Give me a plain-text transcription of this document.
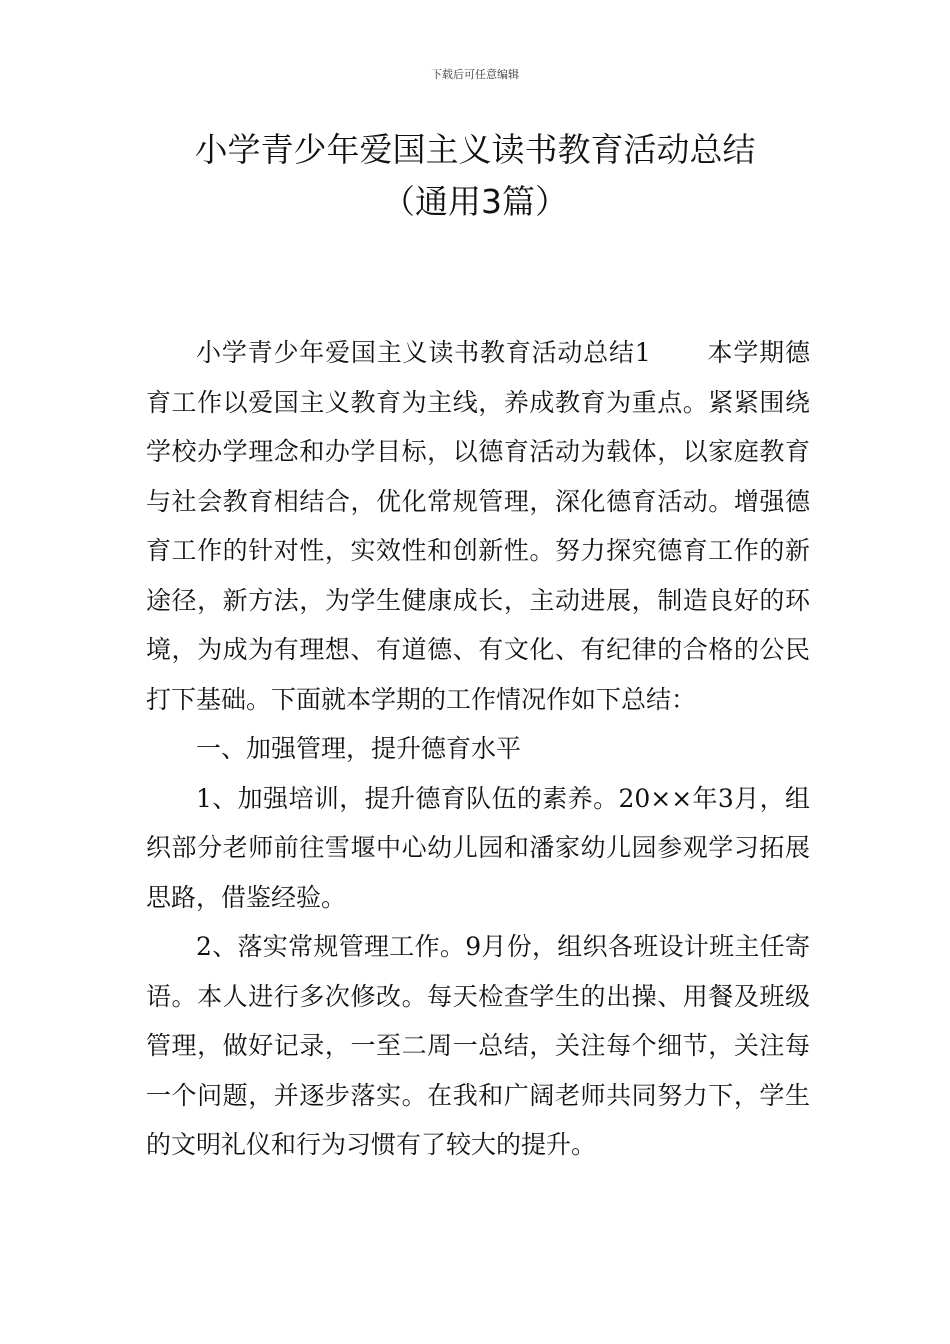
下载后可任意编辑
小学青少年爱国主义读书教育活动总结
（通用3篇）

小学青少年爱国主义读书教育活动总结1 本学期德育工作以爱国主义教育为主线，养成教育为重点。紧紧围绕学校办学理念和办学目标，以德育活动为载体，以家庭教育与社会教育相结合，优化常规管理，深化德育活动。增强德育工作的针对性，实效性和创新性。努力探究德育工作的新途径，新方法，为学生健康成长，主动进展，制造良好的环境，为成为有理想、有道德、有文化、有纪律的合格的公民打下基础。下面就本学期的工作情况作如下总结：

一、加强管理，提升德育水平

1、加强培训，提升德育队伍的素养。20××年3月，组织部分老师前往雪堰中心幼儿园和潘家幼儿园参观学习拓展思路，借鉴经验。

2、落实常规管理工作。9月份，组织各班设计班主任寄语。本人进行多次修改。每天检查学生的出操、用餐及班级管理，做好记录，一至二周一总结，关注每个细节，关注每一个问题，并逐步落实。在我和广阔老师共同努力下，学生的文明礼仪和行为习惯有了较大的提升。
